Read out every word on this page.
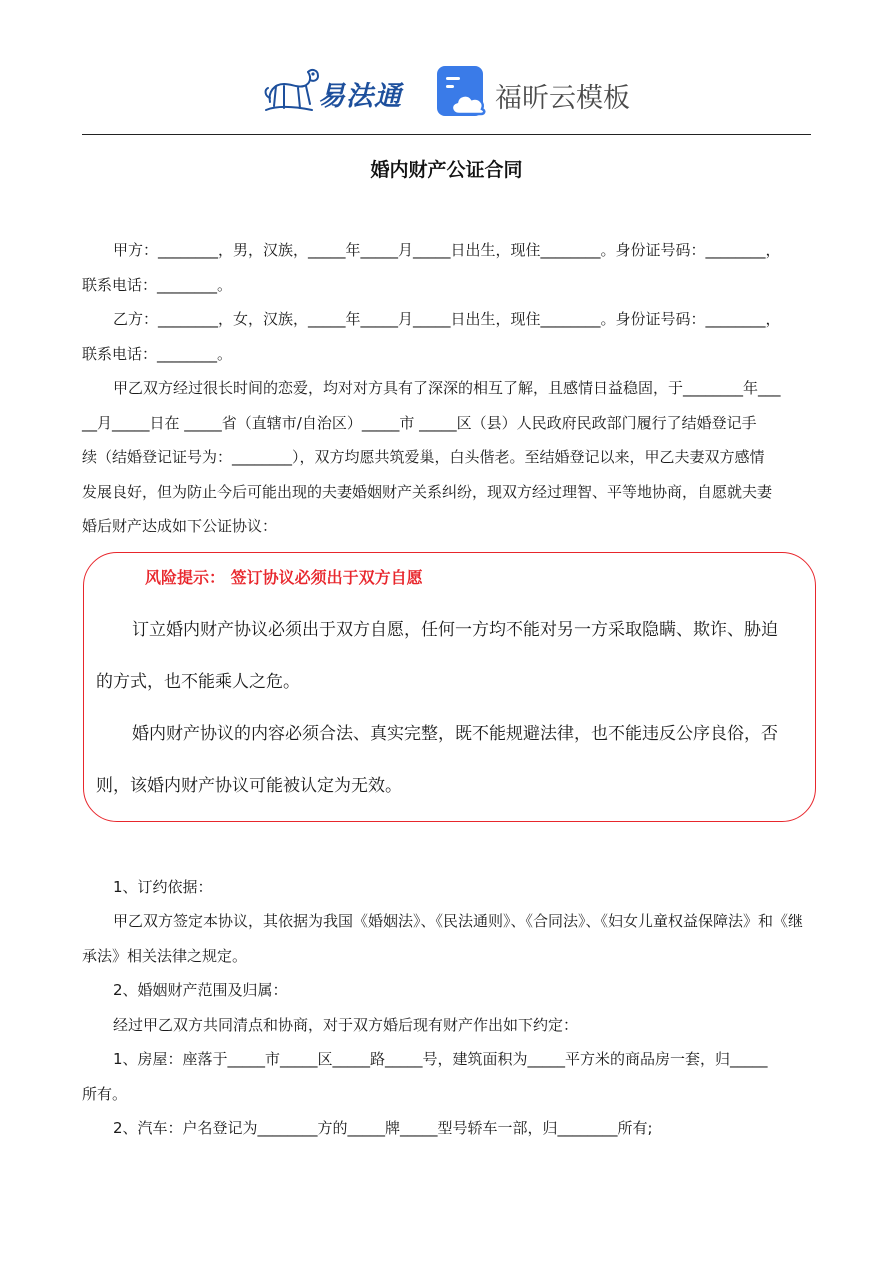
易法通	福昕云模板
婚内财产公证合同
甲方：________，男，汉族，_____年_____月_____日出生，现住________。身份证号码：________，
联系电话：________。
乙方：________，女，汉族，_____年_____月_____日出生，现住________。身份证号码：________，
联系电话：________。
甲乙双方经过很长时间的恋爱，均对对方具有了深深的相互了解，且感情日益稳固，于________年___
__月_____日在 _____省（直辖市/自治区）_____市 _____区（县）人民政府民政部门履行了结婚登记手
续（结婚登记证号为：________），双方均愿共筑爱巢，白头偕老。至结婚登记以来，甲乙夫妻双方感情
发展良好，但为防止今后可能出现的夫妻婚姻财产关系纠纷，现双方经过理智、平等地协商，自愿就夫妻
婚后财产达成如下公证协议：
风险提示： 签订协议必须出于双方自愿
订立婚内财产协议必须出于双方自愿，任何一方均不能对另一方采取隐瞒、欺诈、胁迫
的方式，也不能乘人之危。
婚内财产协议的内容必须合法、真实完整，既不能规避法律，也不能违反公序良俗，否
则，该婚内财产协议可能被认定为无效。
1、订约依据：
甲乙双方签定本协议，其依据为我国《婚姻法》、《民法通则》、《合同法》、《妇女儿童权益保障法》和《继
承法》相关法律之规定。
2、婚姻财产范围及归属：
经过甲乙双方共同清点和协商，对于双方婚后现有财产作出如下约定：
1、房屋：座落于_____市_____区_____路_____号，建筑面积为_____平方米的商品房一套，归_____
所有。
2、汽车：户名登记为________方的_____牌_____型号轿车一部，归________所有;
